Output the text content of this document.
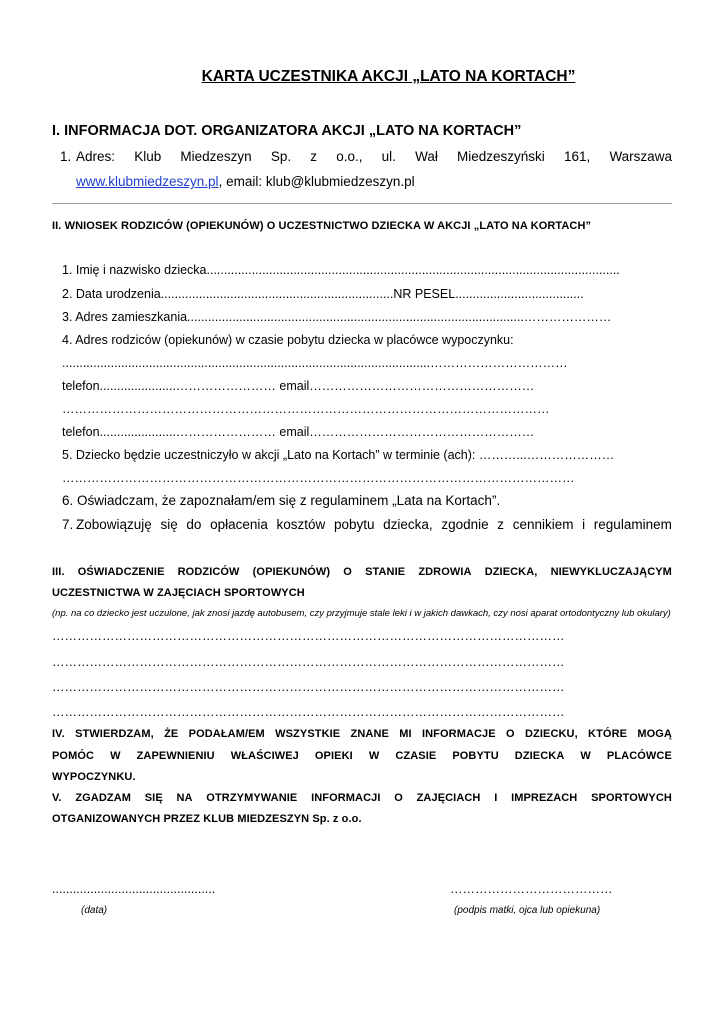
KARTA UCZESTNIKA AKCJI „LATO NA KORTACH”
I. INFORMACJA DOT. ORGANIZATORA AKCJI „LATO NA KORTACH”
1. Adres: Klub Miedzeszyn Sp. z o.o., ul. Wał Miedzeszyński 161, Warszawa
www.klubmiedzeszyn.pl, email: klub@klubmiedzeszyn.pl
II. WNIOSEK RODZICÓW (OPIEKUNÓW) O UCZESTNICTWO DZIECKA W AKCJI „LATO NA KORTACH”
1. Imię i nazwisko dziecka.......................................................................................................................
2. Data urodzenia...................................................................NR PESEL.....................................
3. Adres zamieszkania.................................................................................................…………………
4. Adres rodziców (opiekunów) w czasie pobytu dziecka w placówce wypoczynku:
..........................................................................................................……………………………
telefon......................…………………… email………………………………………………
………………………………………………………………………………………………………
telefon......................…………………… email………………………………………………
5. Dziecko będzie uczestniczyło w akcji „Lato na Kortach” w terminie (ach): ………...…………………
……………………………………………………………………………………………………………
6. Oświadczam, że zapoznałam/em się z regulaminem „Lata na Kortach”.
7. Zobowiązuję się do opłacenia kosztów pobytu dziecka, zgodnie z cennikiem i regulaminem
III. OŚWIADCZENIE RODZICÓW (OPIEKUNÓW) O STANIE ZDROWIA DZIECKA, NIEWYKLUCZAJĄCYM
UCZESTNICTWA W ZAJĘCIACH SPORTOWYCH
(np. na co dziecko jest uczulone, jak znosi jazdę autobusem, czy przyjmuje stale leki i w jakich dawkach, czy nosi aparat ortodontyczny lub okulary)
……………………………………………………………………………………………………………
……………………………………………………………………………………………………………
……………………………………………………………………………………………………………
……………………………………………………………………………………………………………
IV. STWIERDZAM, ŻE PODAŁAM/EM WSZYSTKIE ZNANE MI INFORMACJE O DZIECKU, KTÓRE MOGĄ
POMÓC W ZAPEWNIENIU WŁAŚCIWEJ OPIEKI W CZASIE POBYTU DZIECKA W PLACÓWCE
WYPOCZYNKU.
V. ZGADZAM SIĘ NA OTRZYMYWANIE INFORMACJI O ZAJĘCIACH I IMPREZACH SPORTOWYCH
OTGANIZOWANYCH PRZEZ KLUB MIEDZESZYN Sp. z o.o.
...............................................	…………………………………
(data)	(podpis matki, ojca lub opiekuna)
